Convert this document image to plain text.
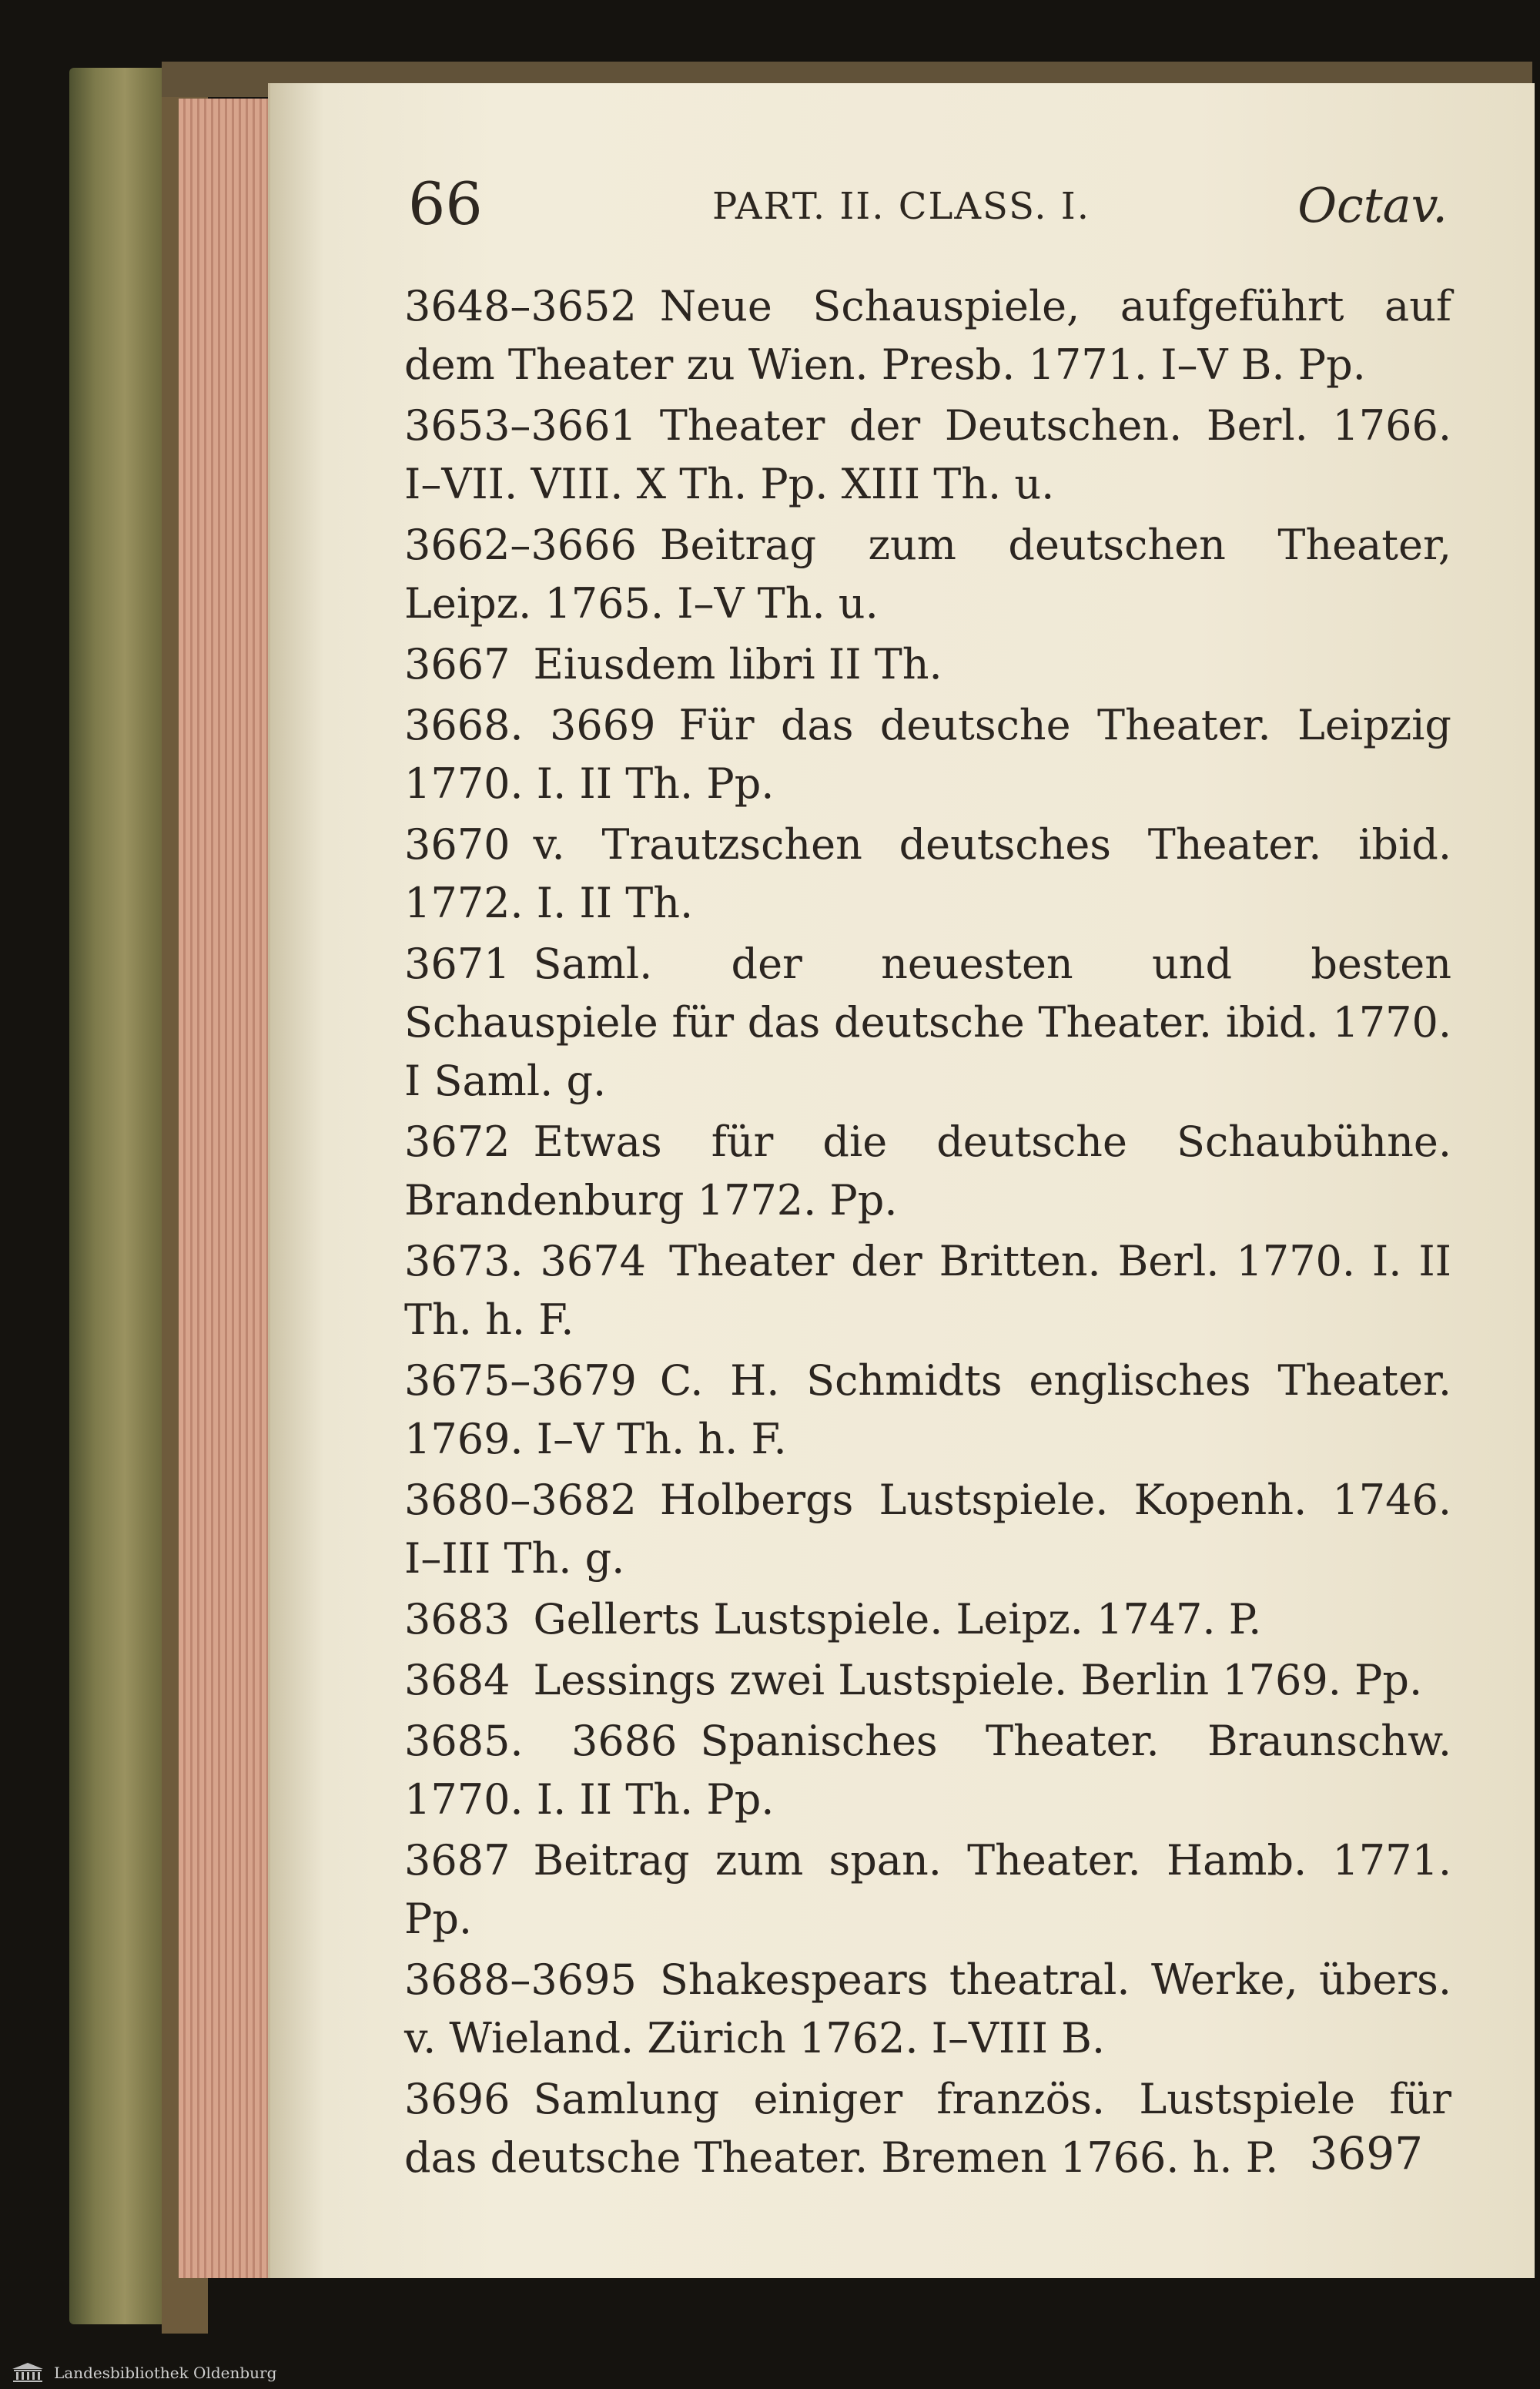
66	PART. II. CLASS. I.	Octav.
3648–3652 Neue Schauspiele, aufgeführt auf dem Theater zu Wien. Presb. 1771. I–V B. Pp.
3653–3661 Theater der Deutschen. Berl. 1766. I–VII. VIII. X Th. Pp. XIII Th. u.
3662–3666 Beitrag zum deutschen Theater, Leipz. 1765. I–V Th. u.
3667 Eiusdem libri II Th.
3668. 3669 Für das deutsche Theater. Leipzig 1770. I. II Th. Pp.
3670 v. Trautzschen deutsches Theater. ibid. 1772. I. II Th.
3671 Saml. der neuesten und besten Schauspiele für das deutsche Theater. ibid. 1770. I Saml. g.
3672 Etwas für die deutsche Schaubühne. Brandenburg 1772. Pp.
3673. 3674 Theater der Britten. Berl. 1770. I. II Th. h. F.
3675–3679 C. H. Schmidts englisches Theater. 1769. I–V Th. h. F.
3680–3682 Holbergs Lustspiele. Kopenh. 1746. I–III Th. g.
3683 Gellerts Lustspiele. Leipz. 1747. P.
3684 Lessings zwei Lustspiele. Berlin 1769. Pp.
3685. 3686 Spanisches Theater. Braunschw. 1770. I. II Th. Pp.
3687 Beitrag zum span. Theater. Hamb. 1771. Pp.
3688–3695 Shakespears theatral. Werke, übers. v. Wieland. Zürich 1762. I–VIII B.
3696 Samlung einiger französ. Lustspiele für das deutsche Theater. Bremen 1766. h. P. 3697
Landesbibliothek Oldenburg
